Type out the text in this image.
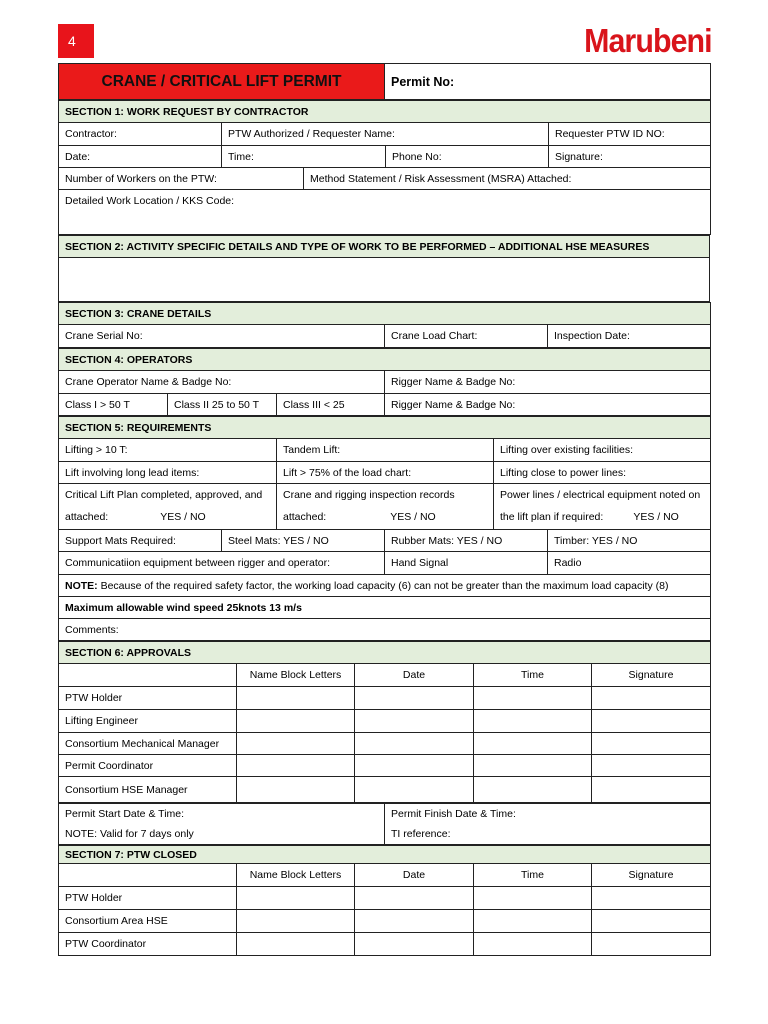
4	Marubeni
CRANE / CRITICAL LIFT PERMIT	Permit No:
SECTION 1: WORK REQUEST BY CONTRACTOR				
Contractor:	PTW Authorized / Requester Name:			Requester PTW ID NO:
Date:	Time:		Phone No:	Signature:
Number of Workers on the PTW:		Method Statement / Risk Assessment (MSRA) Attached:		
Detailed Work Location / KKS Code:				
SECTION 2: ACTIVITY SPECIFIC DETAILS AND TYPE OF WORK TO BE PERFORMED – ADDITIONAL HSE MEASURES

SECTION 3: CRANE DETAILS
Crane Serial No:	Crane Load Chart:	Inspection Date:
SECTION 4: OPERATORS			
Crane Operator Name & Badge No:			Rigger Name & Badge No:
Class I > 50 T	Class II 25 to 50 T	Class III < 25	Rigger Name & Badge No:
SECTION 5: REQUIREMENTS					
Lifting > 10 T:		Tandem Lift:		Lifting over existing facilities:	
Lift involving long lead items:		Lift > 75% of the load chart:		Lifting close to power lines:	

Critical Lift Plan completed, approved, and
attached: YES / NO		Crane and rigging inspection records
attached: YES / NO		Power lines / electrical equipment noted on
the lift plan if required: YES / NO	

Support Mats Required:	Steel Mats: YES / NO		Rubber Mats: YES / NO		Timber: YES / NO
Communicatiion equipment between rigger and operator:			Hand Signal		Radio
NOTE: Because of the required safety factor, the working load capacity (6) can not be greater than the maximum load capacity (8)					
Maximum allowable wind speed 25knots 13 m/s					
Comments:					
SECTION 6: APPROVALS				
	Name Block Letters	Date	Time	Signature
PTW Holder				
Lifting Engineer				
Consortium Mechanical Manager				
Permit Coordinator				
Consortium HSE Manager				
Permit Start Date & Time:
NOTE: Valid for 7 days only

Permit Finish Date & Time:
TI reference:
SECTION 7: PTW CLOSED				
	Name Block Letters	Date	Time	Signature
PTW Holder				
Consortium Area HSE				
PTW Coordinator				
